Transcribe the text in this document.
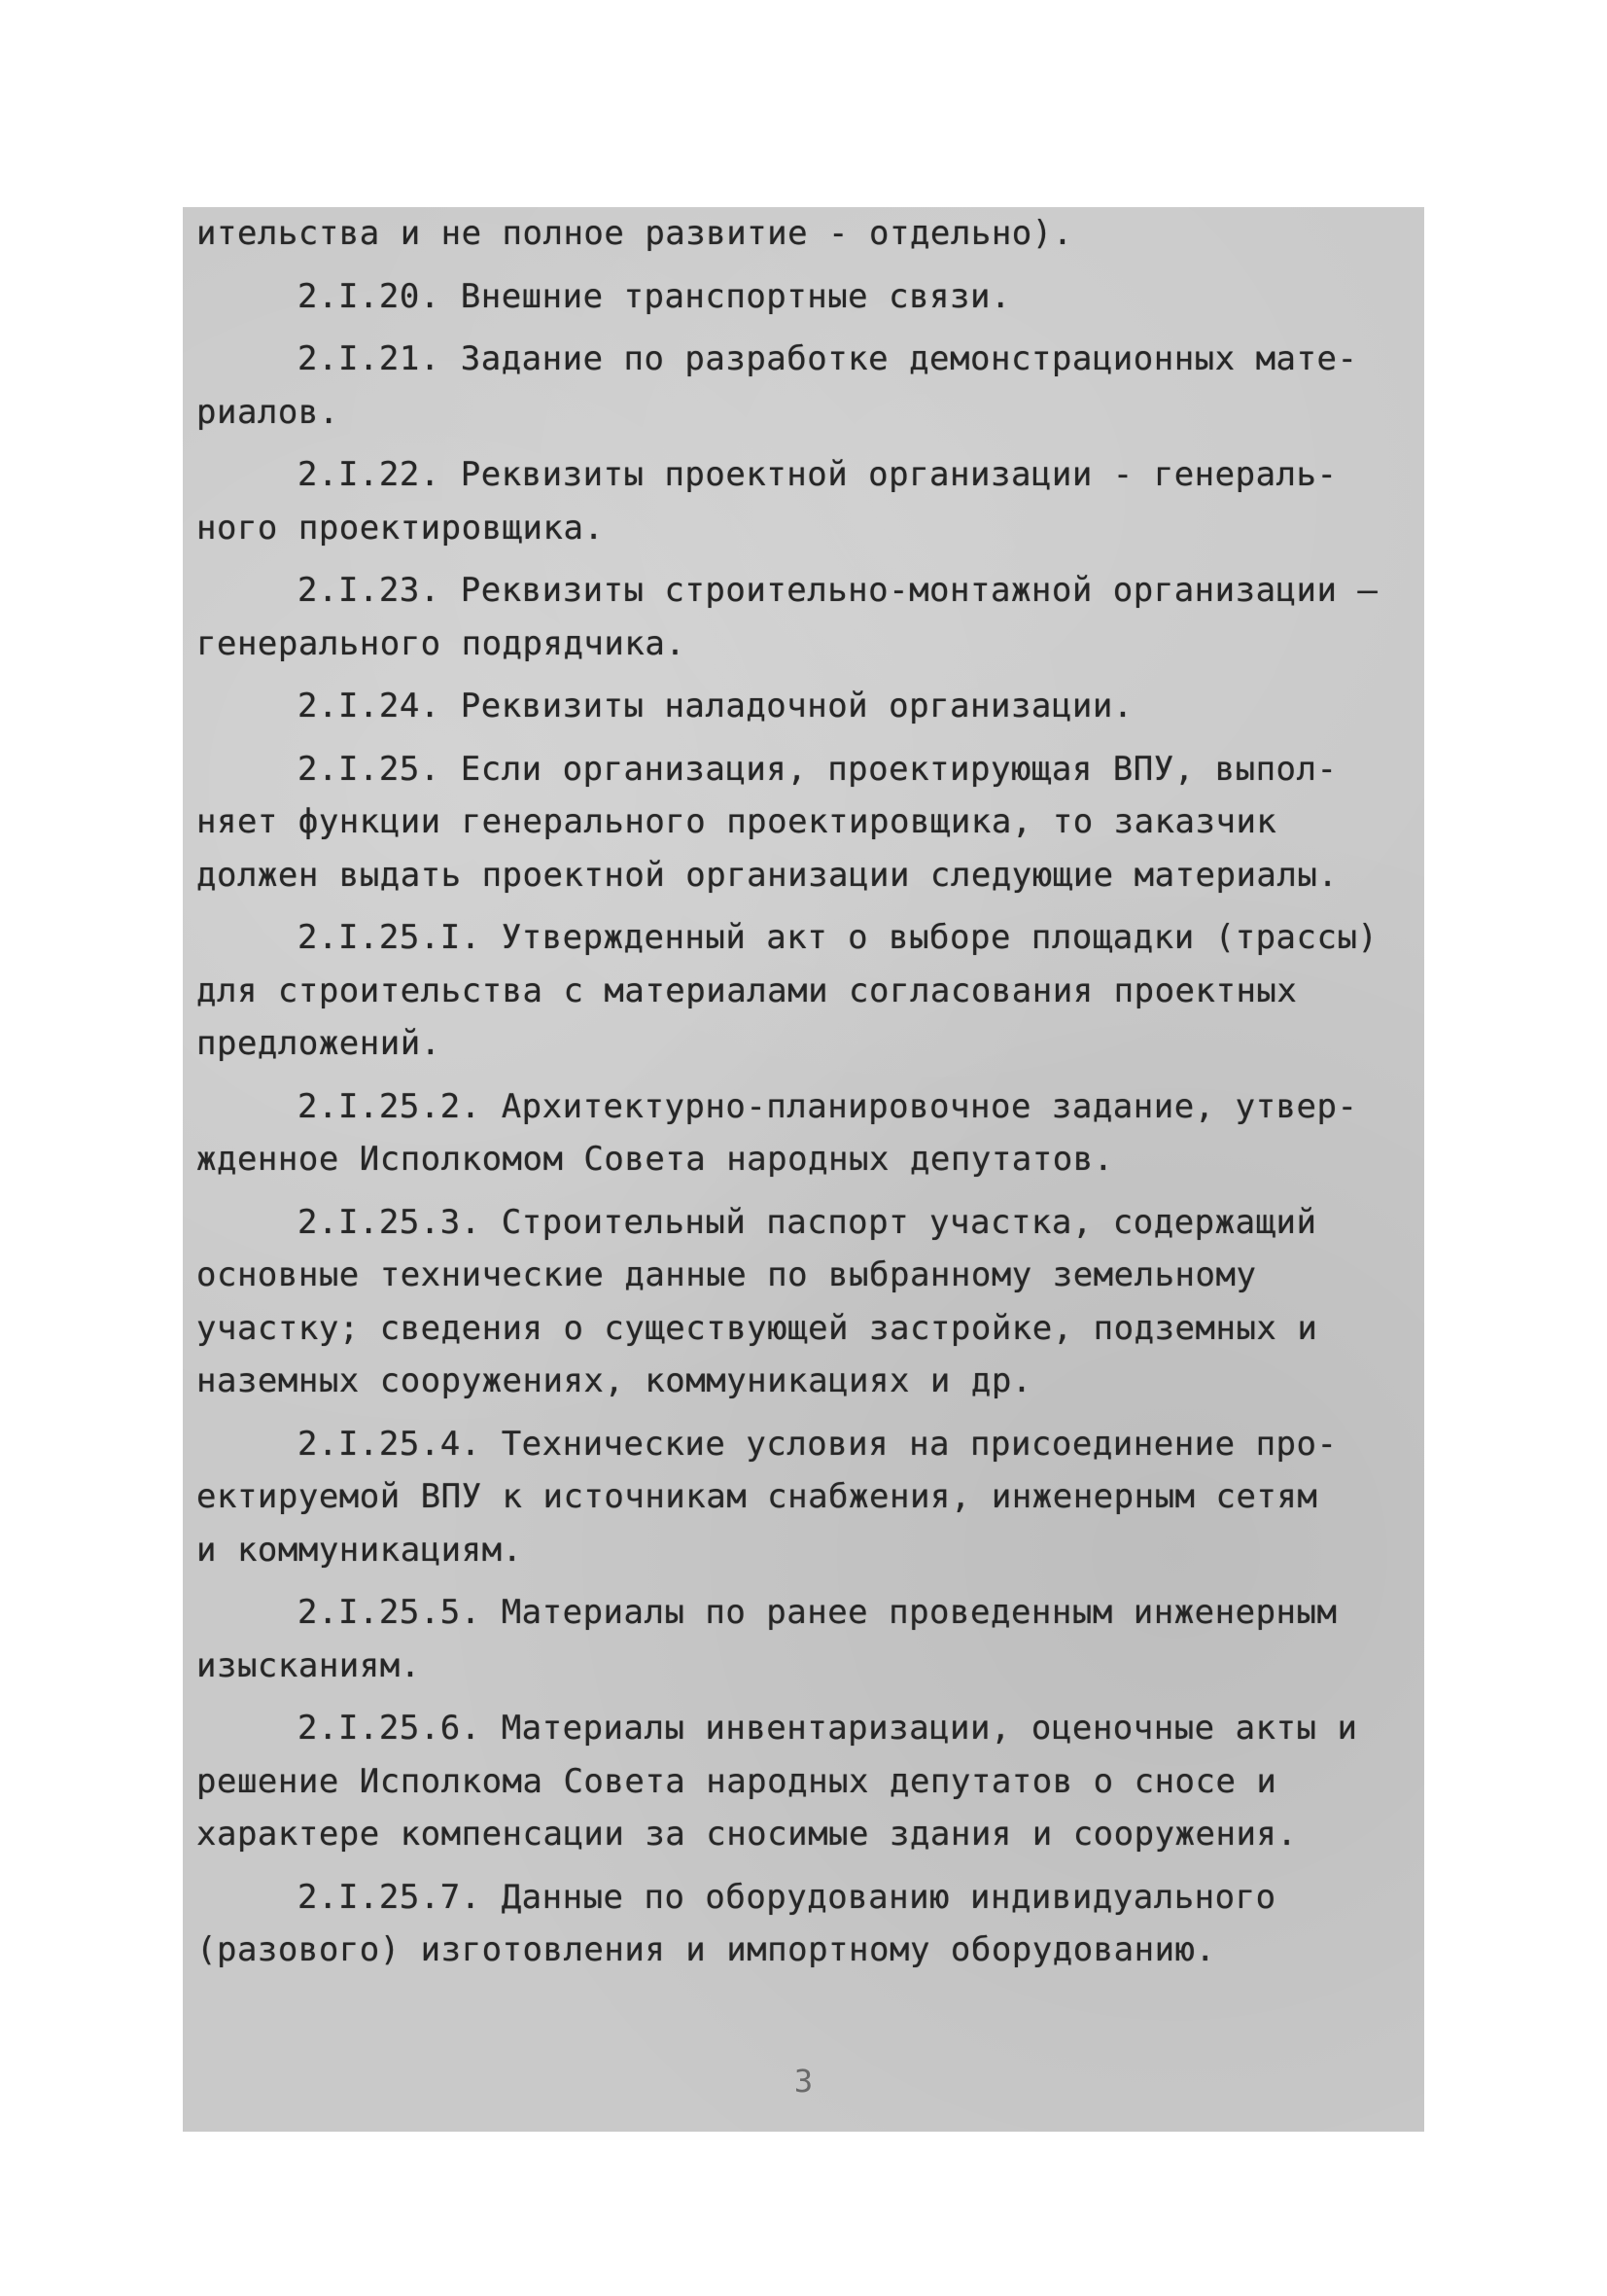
ительства и не полное развитие - отдельно).
2.I.20. Внешние транспортные связи.
2.I.21. Задание по разработке демонстрационных мате-
риалов.
2.I.22. Реквизиты проектной организации - генераль-
ного проектировщика.
2.I.23. Реквизиты строительно-монтажной организации —
генерального подрядчика.
2.I.24. Реквизиты наладочной организации.
2.I.25. Если организация, проектирующая ВПУ, выпол-
няет функции генерального проектировщика, то заказчик
должен выдать проектной организации следующие материалы.
2.I.25.I. Утвержденный акт о выборе площадки (трассы)
для строительства с материалами согласования проектных
предложений.
2.I.25.2. Архитектурно-планировочное задание, утвер-
жденное Исполкомом Совета народных депутатов.
2.I.25.3. Строительный паспорт участка, содержащий
основные технические данные по выбранному земельному
участку; сведения о существующей застройке, подземных и
наземных сооружениях, коммуникациях и др.
2.I.25.4. Технические условия на присоединение про-
ектируемой ВПУ к источникам снабжения, инженерным сетям
и коммуникациям.
2.I.25.5. Материалы по ранее проведенным инженерным
изысканиям.
2.I.25.6. Материалы инвентаризации, оценочные акты и
решение Исполкома Совета народных депутатов о сносе и
характере компенсации за сносимые здания и сооружения.
2.I.25.7. Данные по оборудованию индивидуального
(разового) изготовления и импортному оборудованию.
3
